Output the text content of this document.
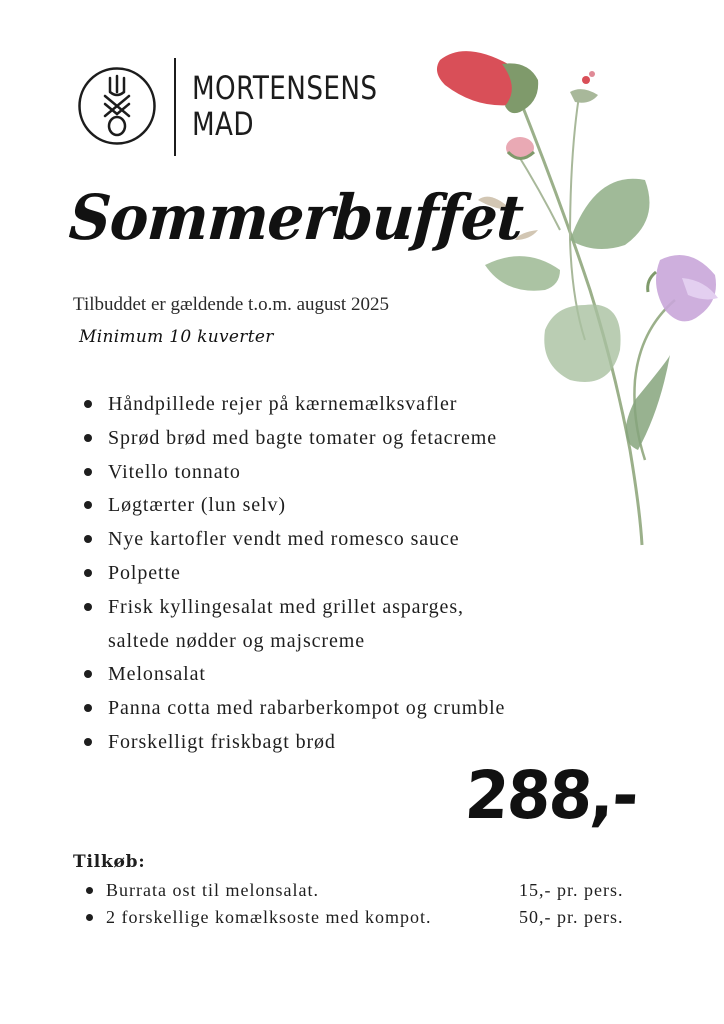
MORTENSENS
MAD
Sommerbuffet
Tilbuddet er gældende t.o.m. august 2025
Minimum 10 kuverter
Håndpillede rejer på kærnemælksvafler
Sprød brød med bagte tomater og fetacreme
Vitello tonnato
Løgtærter (lun selv)
Nye kartofler vendt med romesco sauce
Polpette
Frisk kyllingesalat med grillet asparges,
saltede nødder og majscreme
Melonsalat
Panna cotta med rabarberkompot og crumble
Forskelligt friskbagt brød
288,-
Tilkøb:
Burrata ost til melonsalat.	15,- pr. pers.
2 forskellige komælksoste med kompot.	50,- pr. pers.
